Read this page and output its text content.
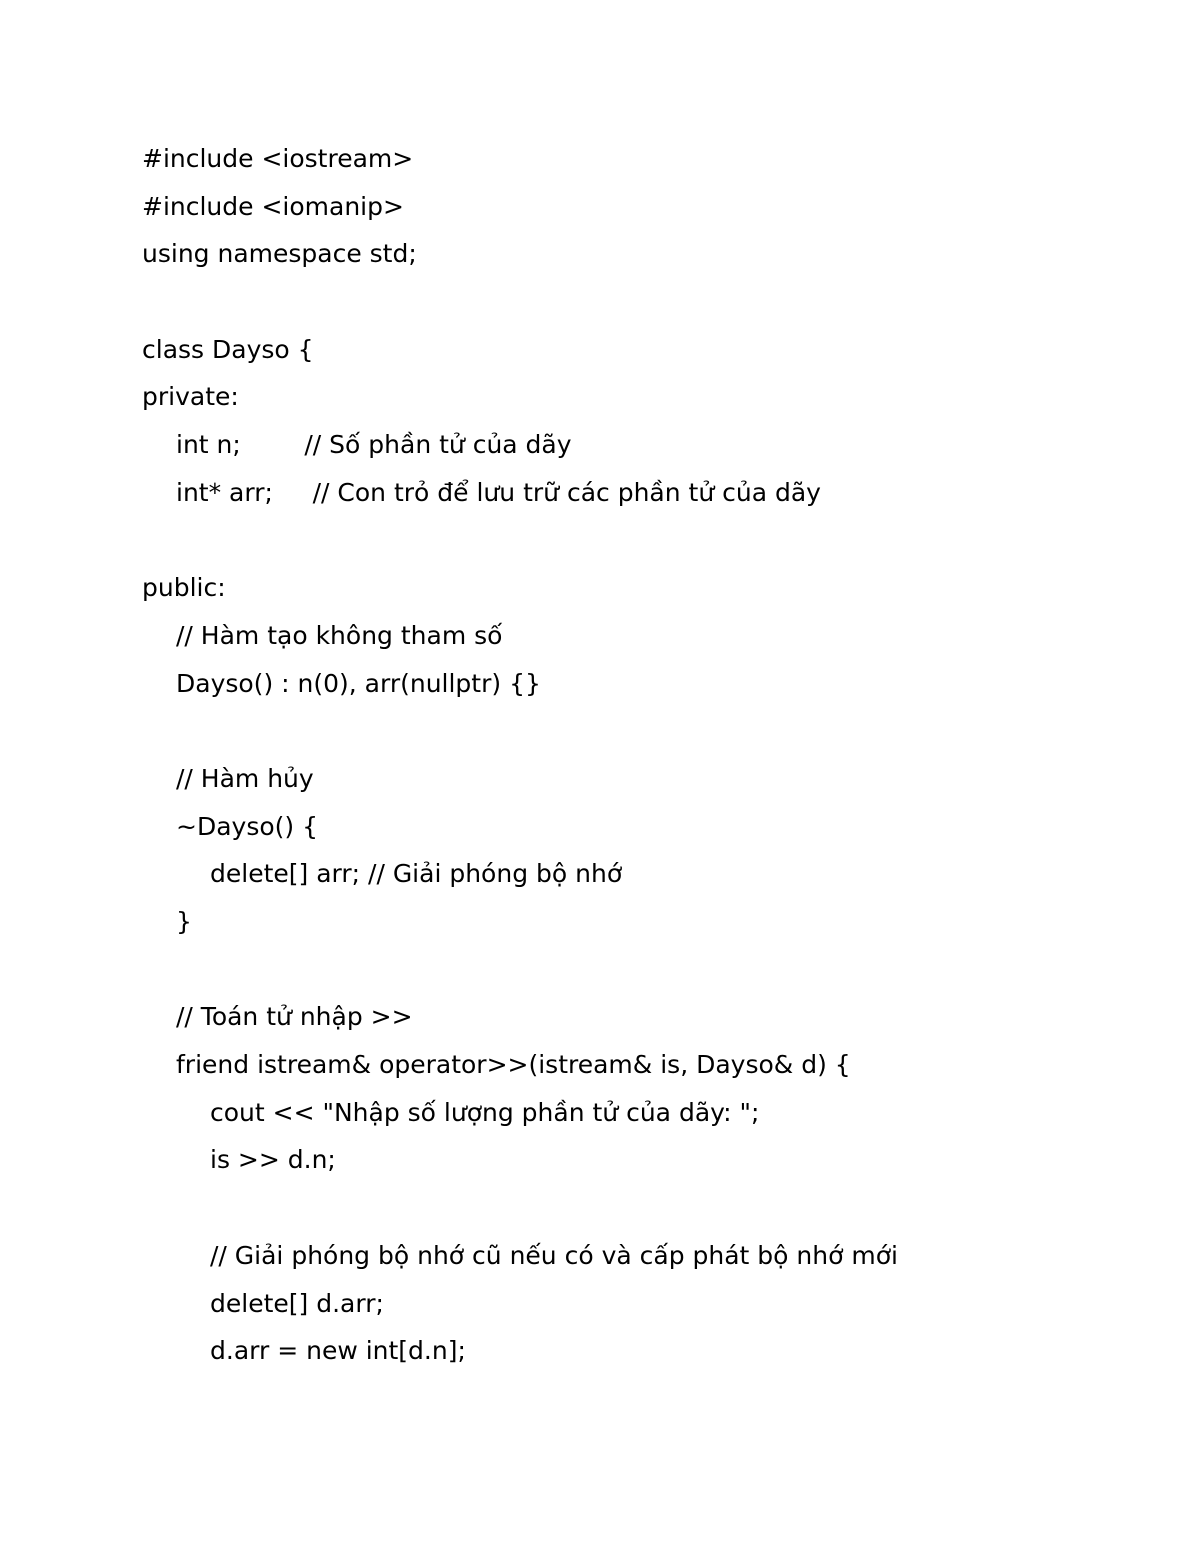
#include <iostream>
#include <iomanip>
using namespace std;
class Dayso {
private:
int n;        // Số phần tử của dãy
int* arr;     // Con trỏ để lưu trữ các phần tử của dãy
public:
// Hàm tạo không tham số
Dayso() : n(0), arr(nullptr) {}
// Hàm hủy
~Dayso() {
delete[] arr; // Giải phóng bộ nhớ
}
// Toán tử nhập >>
friend istream& operator>>(istream& is, Dayso& d) {
cout << "Nhập số lượng phần tử của dãy: ";
is >> d.n;
// Giải phóng bộ nhớ cũ nếu có và cấp phát bộ nhớ mới
delete[] d.arr;
d.arr = new int[d.n];
